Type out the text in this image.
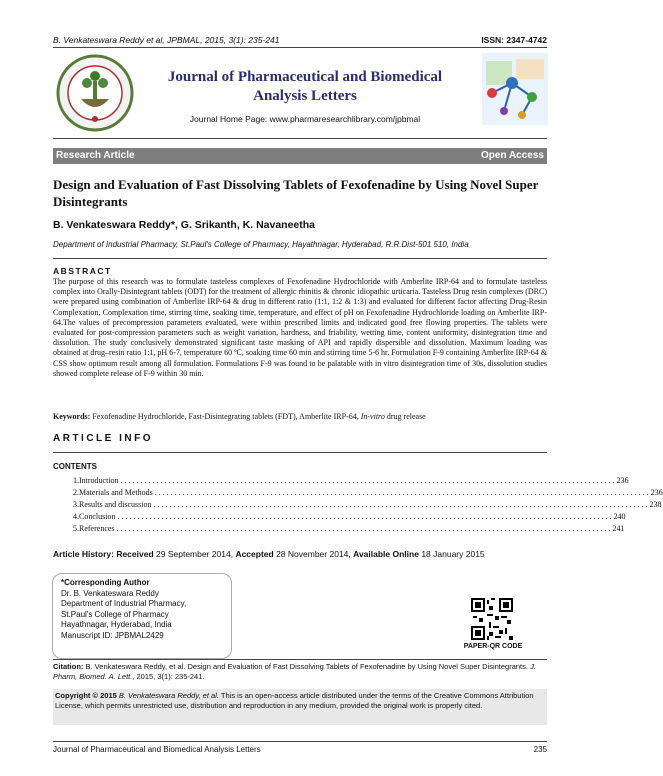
B. Venkateswara Reddy et al, JPBMAL, 2015, 3(1): 235-241	ISSN: 2347-4742
Journal of Pharmaceutical and Biomedical Analysis Letters
Journal Home Page: www.pharmaresearchlibrary.com/jpbmal
Research Article	Open Access
Design and Evaluation of Fast Dissolving Tablets of Fexofenadine by Using Novel Super Disintegrants
B. Venkateswara Reddy*, G. Srikanth, K. Navaneetha
Department of Industrial Pharmacy, St.Paul's College of Pharmacy, Hayathnagar, Hyderabad, R.R.Dist-501 510, India
ABSTRACT
The purpose of this research was to formulate tasteless complexes of Fexofenadine Hydrochloride with Amberlite IRP-64 and to formulate tasteless complex into Orally-Disintegrant tablets (ODT) for the treatment of allergic rhinitis & chronic idiopathic urticaria. Tasteless Drug resin complexes (DRC) were prepared using combination of Amberlite IRP-64 & drug in different ratio (1:1, 1:2 & 1:3) and evaluated for different factor affecting Drug-Resin Complexation, Complexation time, stirring time, soaking time, temperature, and effect of pH on Fexofenadine Hydrochloride loading on Amberlite IRP-64.The values of precompression parameters evaluated, were within prescribed limits and indicated good free flowing properties. The tablets were evaluated for post-compression parameters such as weight variation, hardness, and friability, wetting time, content uniformity, disintegration time and dissolution. The study conclusively demonstrated significant taste masking of API and rapidly dispersible and dissolution. Maximum loading was obtained at drug–resin ratio 1:1, pH 6-7, temperature 60 ºC, soaking time 60 min and stirring time 5-6 hr. Formulation F-9 containing Amberlite IRP-64 & CSS show optimum result among all formulation. Formulations F-9 was found to be palatable with in vitro disintegration time of 30s, dissolution studies showed complete release of F-9 within 30 min.
Keywords: Fexofenadine Hydrochloride, Fast-Disintegrating tablets (FDT), Amberlite IRP-64, In-vitro drug release
ARTICLE INFO
CONTENTS
1. Introduction . . . . . . . . . . . . . . . . . . . . . . . . . . . . . . . . . . . . . . . . . . . . . . . . . . . . . . . . . . . . . . . . . . . . . . . . . . . . . . . . . . . . . . . . . . . . . . . . . . . . . . . . . . . . . . . . . . . . . . . . . . . . 236
2. Materials and Methods . . . . . . . . . . . . . . . . . . . . . . . . . . . . . . . . . . . . . . . . . . . . . . . . . . . . . . . . . . . . . . . . . . . . . . . . . . . . . . . . . . . . . . . . . . . . . . . . . . . . . . . . . . . . . . . . . . . . . . . . . . . . 236
3. Results and discussion . . . . . . . . . . . . . . . . . . . . . . . . . . . . . . . . . . . . . . . . . . . . . . . . . . . . . . . . . . . . . . . . . . . . . . . . . . . . . . . . . . . . . . . . . . . . . . . . . . . . . . . . . . . . . . . . . . . . . . . . . . . . 238
4. Conclusion . . . . . . . . . . . . . . . . . . . . . . . . . . . . . . . . . . . . . . . . . . . . . . . . . . . . . . . . . . . . . . . . . . . . . . . . . . . . . . . . . . . . . . . . . . . . . . . . . . . . . . . . . . . . . . . . . . . . . . . . . . . . 240
5. References . . . . . . . . . . . . . . . . . . . . . . . . . . . . . . . . . . . . . . . . . . . . . . . . . . . . . . . . . . . . . . . . . . . . . . . . . . . . . . . . . . . . . . . . . . . . . . . . . . . . . . . . . . . . . . . . . . . . . . . . . . . . 241
Article History: Received 29 September 2014, Accepted 28 November 2014, Available Online 18 January 2015
*Corresponding Author
Dr. B. Venkateswara Reddy
Department of Industrial Pharmacy,
St.Paul's College of Pharmacy
Hayathnagar, Hyderabad, India
Manuscript ID: JPBMAL2429
PAPER-QR CODE
Citation: B. Venkateswara Reddy, et al. Design and Evaluation of Fast Dissolving Tablets of Fexofenadine by Using Novel Super Disintegrants. J. Pharm, Biomed. A. Lett., 2015, 3(1): 235-241.
Copyright © 2015 B. Venkateswara Reddy, et al. This is an open-access article distributed under the terms of the Creative Commons Attribution License, which permits unrestricted use, distribution and reproduction in any medium, provided the original work is properly cited.
Journal of Pharmaceutical and Biomedical Analysis Letters	235
